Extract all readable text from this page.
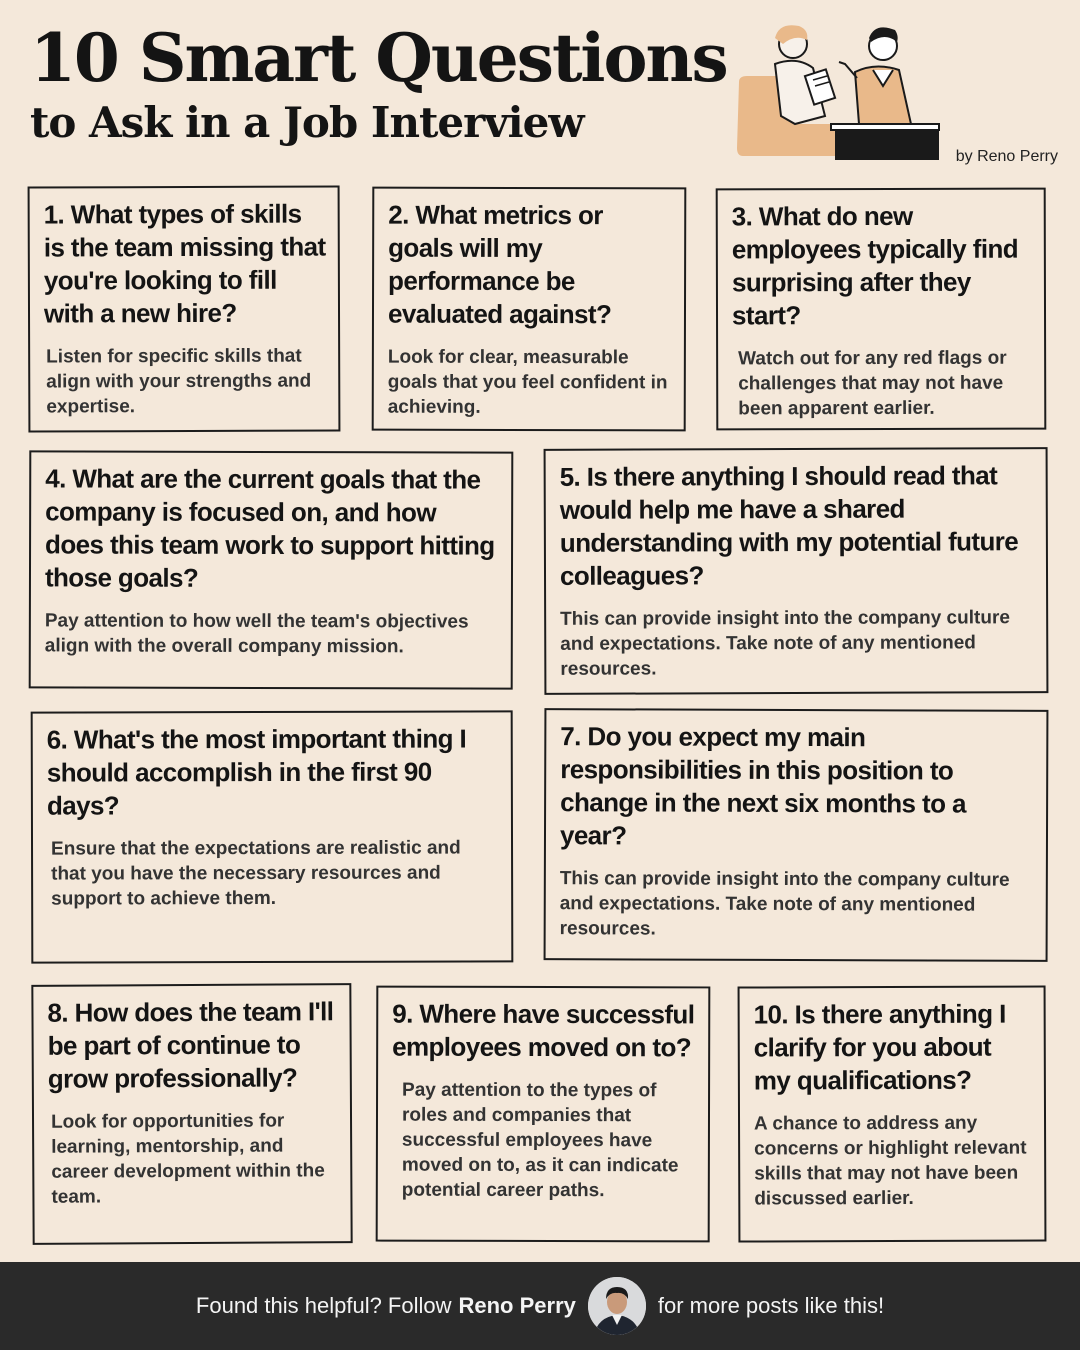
10 Smart Questions
to Ask in a Job Interview
by Reno Perry

1. What types of skills is the team missing that you're looking to fill with a new hire?

Listen for specific skills that align with your strengths and expertise.

2. What metrics or goals will my performance be evaluated against?

Look for clear, measurable goals that you feel confident in achieving.

3. What do new employees typically find surprising after they start?

Watch out for any red flags or challenges that may not have been apparent earlier.

4. What are the current goals that the company is focused on, and how does this team work to support hitting those goals?

Pay attention to how well the team's objectives align with the overall company mission.

5. Is there anything I should read that would help me have a shared understanding with my potential future colleagues?

This can provide insight into the company culture and expectations. Take note of any mentioned resources.

6. What's the most important thing I should accomplish in the first 90 days?

Ensure that the expectations are realistic and that you have the necessary resources and support to achieve them.

7. Do you expect my main responsibilities in this position to change in the next six months to a year?

This can provide insight into the company culture and expectations. Take note of any mentioned resources.

8. How does the team I'll be part of continue to grow professionally?

Look for opportunities for learning, mentorship, and career development within the team.

9. Where have successful employees moved on to?

Pay attention to the types of roles and companies that successful employees have moved on to, as it can indicate potential career paths.

10. Is there anything I clarify for you about my qualifications?

A chance to address any concerns or highlight relevant skills that may not have been discussed earlier.

Found this helpful? Follow Reno Perry	for more posts like this!
